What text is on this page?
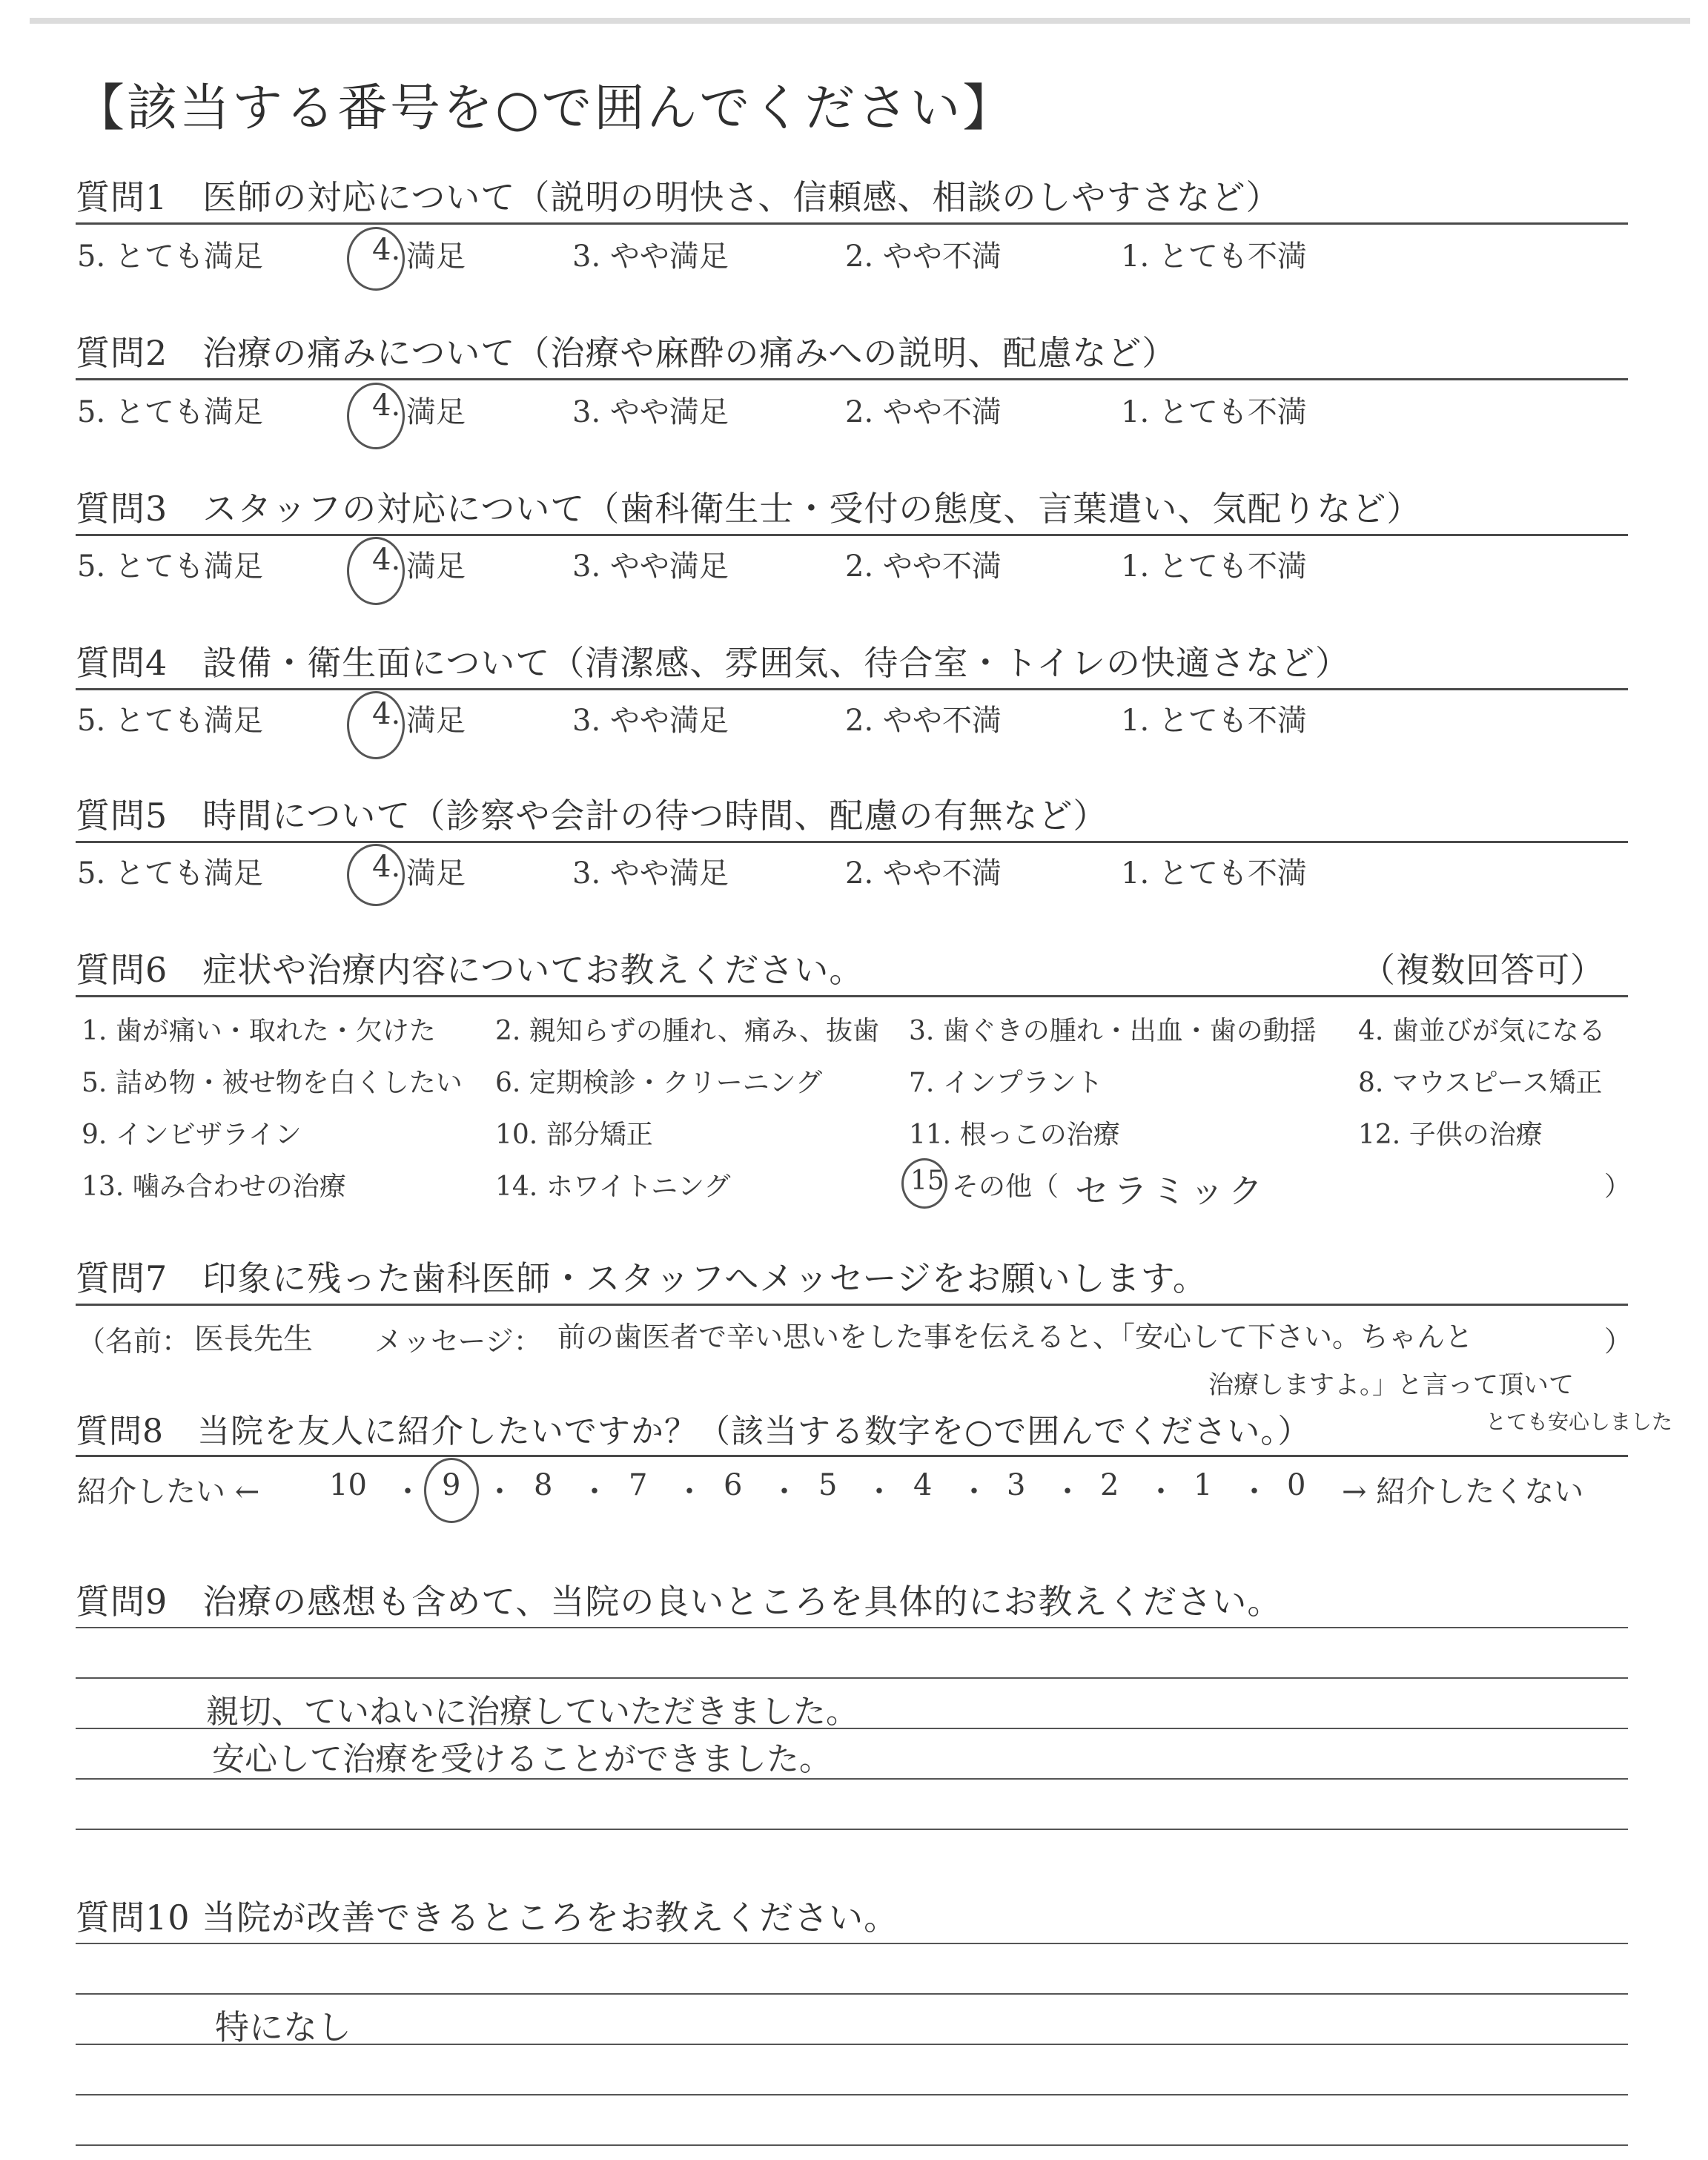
【該当する番号を○で囲んでください】
質問1　医師の対応について（説明の明快さ、信頼感、相談のしやすさなど）
5. とても満足	4. 満足	3. やや満足	2. やや不満	1. とても不満
質問2　治療の痛みについて（治療や麻酔の痛みへの説明、配慮など）
5. とても満足	4. 満足	3. やや満足	2. やや不満	1. とても不満
質問3　スタッフの対応について（歯科衛生士・受付の態度、言葉遣い、気配りなど）
5. とても満足	4. 満足	3. やや満足	2. やや不満	1. とても不満
質問4　設備・衛生面について（清潔感、雰囲気、待合室・トイレの快適さなど）
5. とても満足	4. 満足	3. やや満足	2. やや不満	1. とても不満
質問5　時間について（診察や会計の待つ時間、配慮の有無など）
5. とても満足	4. 満足	3. やや満足	2. やや不満	1. とても不満
質問6　症状や治療内容についてお教えください。	（複数回答可）
1. 歯が痛い・取れた・欠けた 2. 親知らずの腫れ、痛み、抜歯 3. 歯ぐきの腫れ・出血・歯の動揺 4. 歯並びが気になる
5. 詰め物・被せ物を白くしたい 6. 定期検診・クリーニング	7. インプラント	8. マウスピース矯正
9. インビザライン	10. 部分矯正	11. 根っこの治療	12. 子供の治療
13. 噛み合わせの治療	14. ホワイトニング	15 その他（ セラミック	）
質問7　印象に残った歯科医師・スタッフへメッセージをお願いします。
（名前： 医長先生 メッセージ： 前の歯医者で辛い思いをした事を伝えると、「安心して下さい。ちゃんと	）
治療しますよ。」と言って頂いて
とても安心しました
質問8　当院を友人に紹介したいですか？（該当する数字を○で囲んでください。）
紹介したい ← 10 ・ 9 ・ 8 ・ 7 ・ 6 ・ 5 ・ 4 ・ 3 ・ 2 ・ 1 ・ 0 → 紹介したくない
質問9　治療の感想も含めて、当院の良いところを具体的にお教えください。
親切、ていねいに治療していただきました。
安心して治療を受けることができました。
質問10 当院が改善できるところをお教えください。
特になし
